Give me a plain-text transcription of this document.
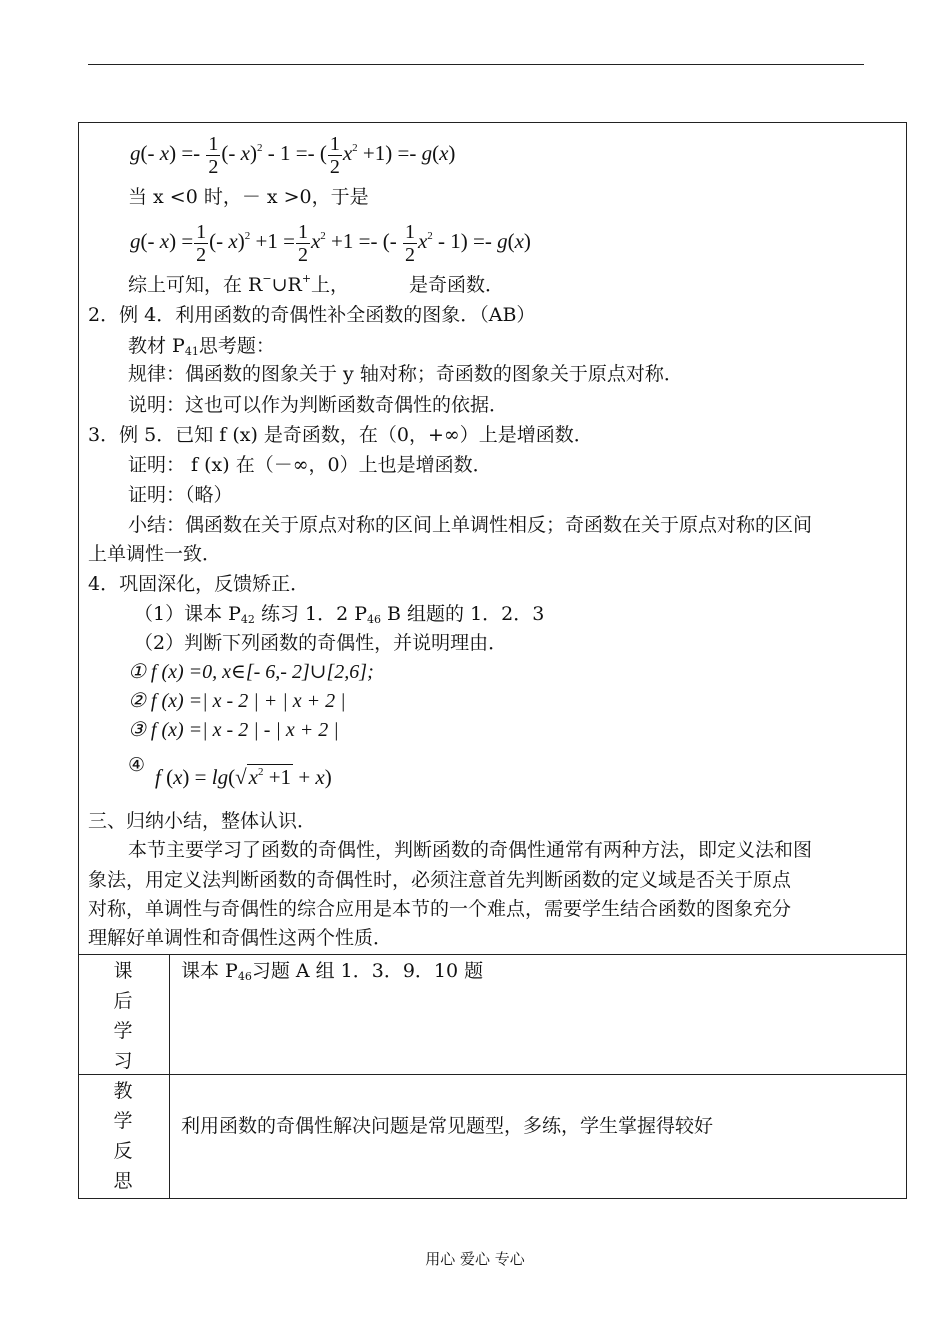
g(- $x) =- \frac{1}{2}$ (- x)$^2$ - 1 =- ( $\frac{1}{2} x^2 +1) =- g(x)$
当 x <0 时，－ x >0，于是
g(- $x) = \frac{1}{2}$ (- $x)^2 +1 = \frac{1}{2} x^2 +1$ =- (- $\frac{1}{2} x^2 - 1) =- g(x)$
综上可知，在 R−∪R+上，	是奇函数．
2．例 4．利用函数的奇偶性补全函数的图象．（AB）
教材 $P_{41}$思考题：
规律：偶函数的图象关于 y 轴对称；奇函数的图象关于原点对称．
说明：这也可以作为判断函数奇偶性的依据．
3．例 5．已知 f (x) 是奇函数，在（0，+∞）上是增函数．
证明： f (x) 在（－∞，0）上也是增函数．
证明：（略）
小结：偶函数在关于原点对称的区间上单调性相反；奇函数在关于原点对称的区间
上单调性一致．
4．巩固深化，反馈矫正．
（1）课本 $P_{42}$ 练习 1．2 $P_{46}$ B 组题的 1．2．3
（2）判断下列函数的奇偶性，并说明理由．
① f (x) =0, x∈[- 6,- 2]∪[2,6];
② f (x) =| x - 2 | + | x + 2 |
③ f (x) =| x - 2 | - | x + 2 |
④ f $(x) = \lg(√x^2 +1 + x)$
三、归纳小结，整体认识．
本节主要学习了函数的奇偶性，判断函数的奇偶性通常有两种方法，即定义法和图
象法，用定义法判断函数的奇偶性时，必须注意首先判断函数的定义域是否关于原点
对称，单调性与奇偶性的综合应用是本节的一个难点，需要学生结合函数的图象充分
理解好单调性和奇偶性这两个性质．
课
后
学
习
课本 $P_{46}$习题 A 组 1．3．9．10 题
教
学
反
思
利用函数的奇偶性解决问题是常见题型，多练，学生掌握得较好
用心 爱心 专心
